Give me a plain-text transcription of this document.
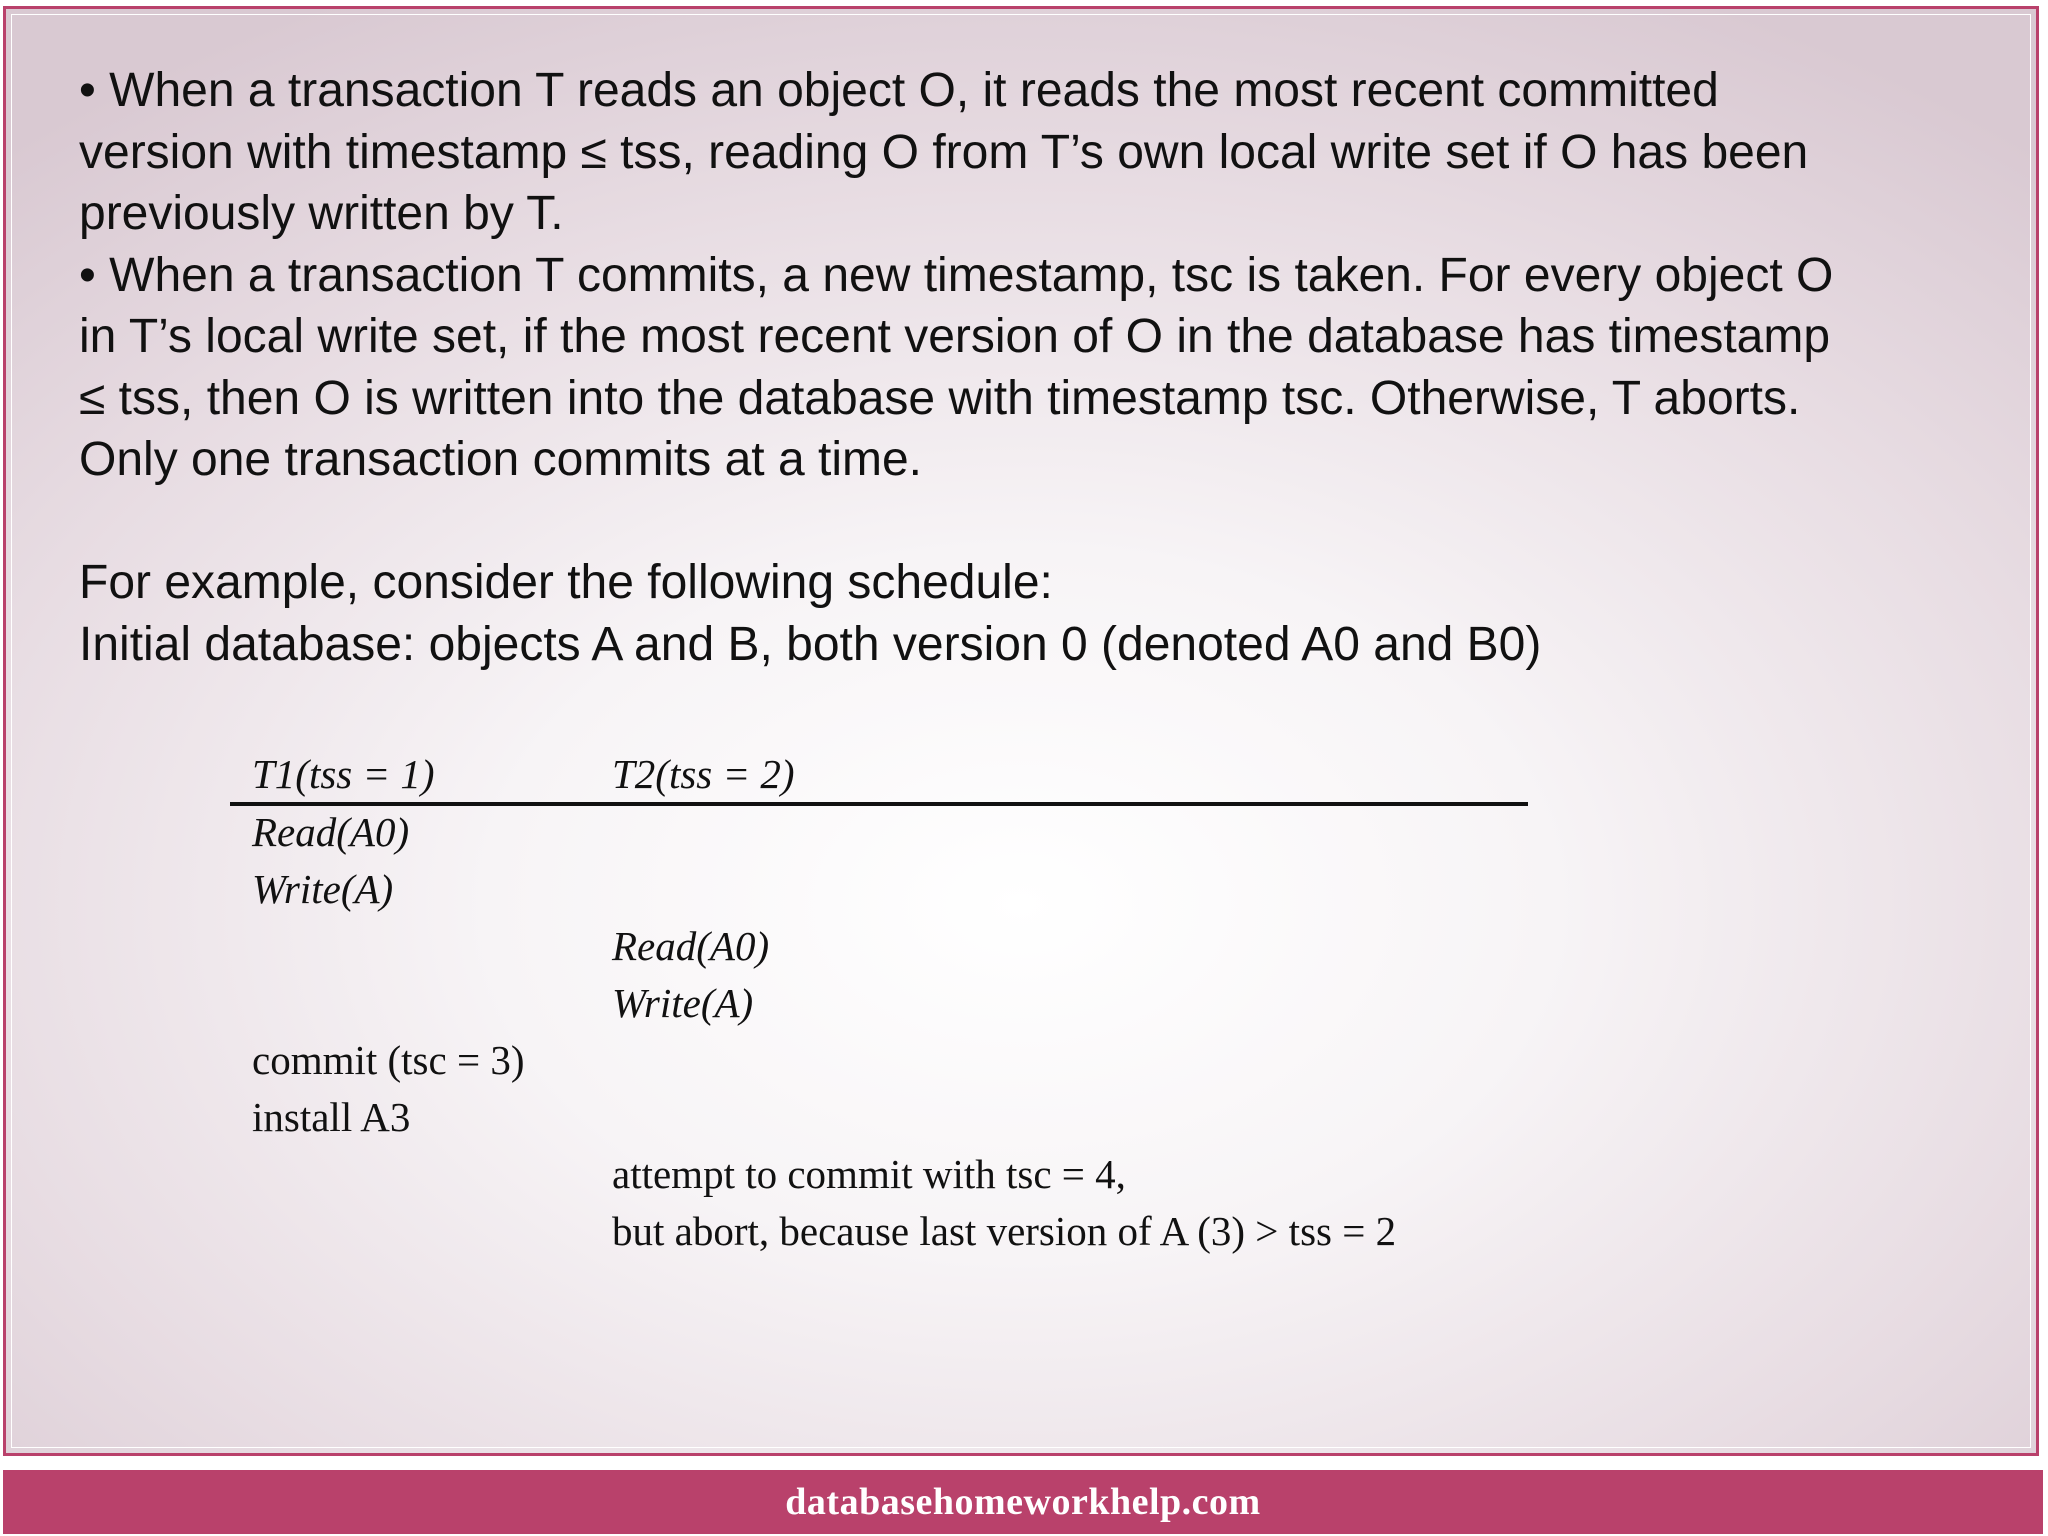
• When a transaction T reads an object O, it reads the most recent committed

version with timestamp ≤ tss, reading O from T’s own local write set if O has been

previously written by T.

• When a transaction T commits, a new timestamp, tsc is taken. For every object O

in T’s local write set, if the most recent version of O in the database has timestamp

≤ tss, then O is written into the database with timestamp tsc. Otherwise, T aborts.

Only one transaction commits at a time.

For example, consider the following schedule:

Initial database: objects A and B, both version 0 (denoted A0 and B0)

T1(tss = 1)	T2(tss = 2)
Read(A0)
Write(A)
Read(A0)
Write(A)
commit (tsc = 3)
install A3
attempt to commit with tsc = 4,
but abort, because last version of A (3) > tss = 2
databasehomeworkhelp.com
